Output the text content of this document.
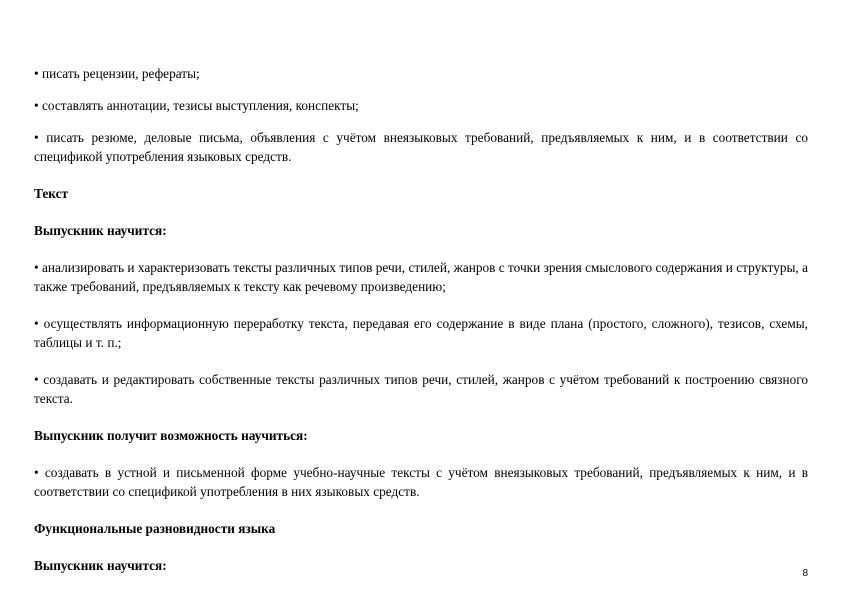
• писать рецензии, рефераты;

• составлять аннотации, тезисы выступления, конспекты;

• писать резюме, деловые письма, объявления с учётом внеязыковых требований, предъявляемых к ним, и в соответствии со спецификой употребления языковых средств.

Текст

Выпускник научится:

• анализировать и характеризовать тексты различных типов речи, стилей, жанров с точки зрения смыслового содержания и структуры, а также требований, предъявляемых к тексту как речевому произведению;

• осуществлять информационную переработку текста, передавая его содержание в виде плана (простого, сложного), тезисов, схемы, таблицы и т. п.;

• создавать и редактировать собственные тексты различных типов речи, стилей, жанров с учётом требований к построению связного текста.

Выпускник получит возможность научиться:

• создавать в устной и письменной форме учебно-научные тексты с учётом внеязыковых требований, предъявляемых к ним, и в соответствии со спецификой употребления в них языковых средств.

Функциональные разновидности языка

Выпускник научится:

8
